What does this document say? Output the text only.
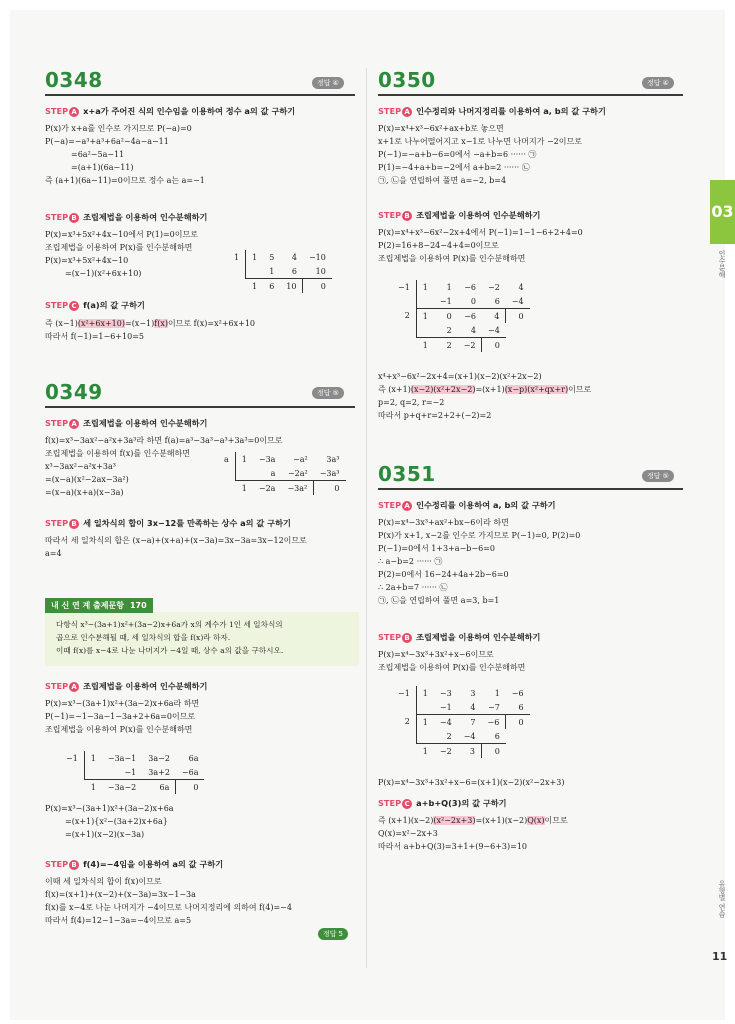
03
인수분해
유형별 연습
11
0348	정답 ④
STEP A x+a가 주어진 식의 인수임을 이용하여 정수 a의 값 구하기
P(x)가 x+a를 인수로 가지므로 P(−a)=0
P(−a)=−a³+a³+6a²−4a−a−11
=6a²−5a−11
=(a+1)(6a−11)
즉 (a+1)(6a−11)=0이므로 정수 a는 a=−1
STEP B 조립제법을 이용하여 인수분해하기
P(x)=x³+5x²+4x−10에서 P(1)=0이므로
조립제법을 이용하여 P(x)를 인수분해하면
P(x)=x³+5x²+4x−10
=(x−1)(x²+6x+10)
1	1	5	4	−10
		1	6	10
	1	6	10	0
STEP C f(a)의 값 구하기
즉 (x−1)(x²+6x+10)=(x−1)f(x)이므로 f(x)=x²+6x+10
따라서 f(−1)=1−6+10=5
0349	정답 ⑤
STEP A 조립제법을 이용하여 인수분해하기
f(x)=x³−3ax²−a²x+3a³라 하면 f(a)=a³−3a³−a³+3a³=0이므로
조립제법을 이용하여 f(x)를 인수분해하면
x³−3ax²−a²x+3a³
=(x−a)(x²−2ax−3a²)
=(x−a)(x+a)(x−3a)
a	1	−3a	−a²	3a³
		a	−2a²	−3a³
	1	−2a	−3a²	0
STEP B 세 일차식의 합이 3x−12를 만족하는 상수 a의 값 구하기
따라서 세 일차식의 합은 (x−a)+(x+a)+(x−3a)=3x−3a=3x−12이므로
a=4
내 신 연 계 출제문항 170
다항식 x³−(3a+1)x²+(3a−2)x+6a가 x의 계수가 1인 세 일차식의
곱으로 인수분해될 때, 세 일차식의 합을 f(x)라 하자.
이때 f(x)를 x−4로 나눈 나머지가 −4일 때, 상수 a의 값을 구하시오.
STEP A 조립제법을 이용하여 인수분해하기
P(x)=x³−(3a+1)x²+(3a−2)x+6a라 하면
P(−1)=−1−3a−1−3a+2+6a=0이므로
조립제법을 이용하여 P(x)를 인수분해하면
−1	1	−3a−1	3a−2	6a
		−1	3a+2	−6a
	1	−3a−2	6a	0
P(x)=x³−(3a+1)x²+(3a−2)x+6a
=(x+1){x²−(3a+2)x+6a}
=(x+1)(x−2)(x−3a)
STEP B f(4)=−4임을 이용하여 a의 값 구하기
이때 세 일차식의 합이 f(x)이므로
f(x)=(x+1)+(x−2)+(x−3a)=3x−1−3a
f(x)를 x−4로 나눈 나머지가 −4이므로 나머지정리에 의하여 f(4)=−4
따라서 f(4)=12−1−3a=−4이므로 a=5
정답 5
0350	정답 ④
STEP A 인수정리와 나머지정리를 이용하여 a, b의 값 구하기
P(x)=x⁴+x³−6x²+ax+b로 놓으면
x+1로 나누어떨어지고 x−1로 나누면 나머지가 −2이므로
P(−1)=−a+b−6=0에서 −a+b=6 ······ ㉠
P(1)=−4+a+b=−2에서 a+b=2 ······ ㉡
㉠, ㉡을 연립하여 풀면 a=−2, b=4
STEP B 조립제법을 이용하여 인수분해하기
P(x)=x⁴+x³−6x²−2x+4에서 P(−1)=1−1−6+2+4=0
P(2)=16+8−24−4+4=0이므로
조립제법을 이용하여 P(x)를 인수분해하면
−1	1	1	−6	−2	4
		−1	0	6	−4
2	1	0	−6	4	0
		2	4	−4	
	1	2	−2	0	
x⁴+x³−6x²−2x+4=(x+1)(x−2)(x²+2x−2)
즉 (x+1)(x−2)(x²+2x−2)=(x+1)(x−p)(x²+qx+r)이므로
p=2, q=2, r=−2
따라서 p+q+r=2+2+(−2)=2
0351	정답 ⑤
STEP A 인수정리를 이용하여 a, b의 값 구하기
P(x)=x⁴−3x³+ax²+bx−6이라 하면
P(x)가 x+1, x−2를 인수로 가지므로 P(−1)=0, P(2)=0
P(−1)=0에서 1+3+a−b−6=0
∴ a−b=2 ······ ㉠
P(2)=0에서 16−24+4a+2b−6=0
∴ 2a+b=7 ······ ㉡
㉠, ㉡을 연립하여 풀면 a=3, b=1
STEP B 조립제법을 이용하여 인수분해하기
P(x)=x⁴−3x³+3x²+x−6이므로
조립제법을 이용하여 P(x)를 인수분해하면
−1	1	−3	3	1	−6
		−1	4	−7	6
2	1	−4	7	−6	0
		2	−4	6	
	1	−2	3	0	
P(x)=x⁴−3x³+3x²+x−6=(x+1)(x−2)(x²−2x+3)
STEP C a+b+Q(3)의 값 구하기
즉 (x+1)(x−2)(x²−2x+3)=(x+1)(x−2)Q(x)이므로
Q(x)=x²−2x+3
따라서 a+b+Q(3)=3+1+(9−6+3)=10
